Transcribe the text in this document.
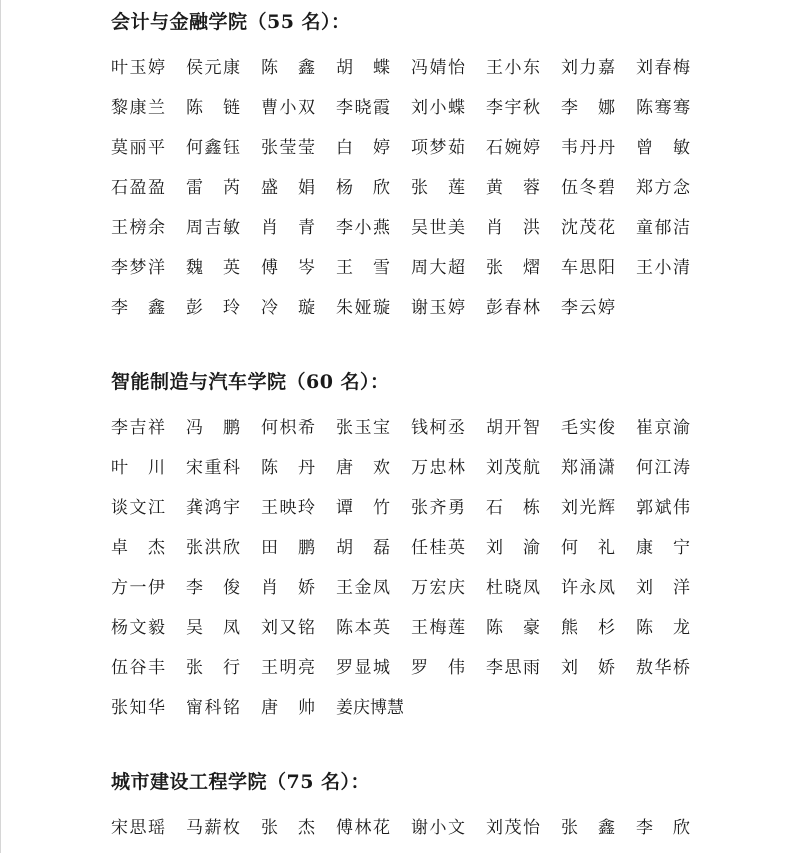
会计与金融学院（55 名）：
叶玉婷 侯元康 陈 鑫 胡 蝶 冯婧怡 王小东 刘力嘉 刘春梅
黎康兰 陈 链 曹小双 李晓霞 刘小蝶 李宇秋 李 娜 陈骞骞
莫丽平 何鑫钰 张莹莹 白 婷 项梦茹 石婉婷 韦丹丹 曾 敏
石盈盈 雷 芮 盛 娟 杨 欣 张 莲 黄 蓉 伍冬碧 郑方念
王榜余 周吉敏 肖 青 李小燕 吴世美 肖 洪 沈茂花 童郁洁
李梦洋 魏 英 傅 岑 王 雪 周大超 张 熠 车思阳 王小清
李 鑫 彭 玲 冷 璇 朱娅璇 谢玉婷 彭春林 李云婷
智能制造与汽车学院（60 名）：
李吉祥 冯 鹏 何枳希 张玉宝 钱柯丞 胡开智 毛实俊 崔京渝
叶 川 宋重科 陈 丹 唐 欢 万忠林 刘茂航 郑涌潇 何江涛
谈文江 龚鸿宇 王映玲 谭 竹 张齐勇 石 栋 刘光辉 郭斌伟
卓 杰 张洪欣 田 鹏 胡 磊 任桂英 刘 渝 何 礼 康 宁
方一伊 李 俊 肖 娇 王金凤 万宏庆 杜晓凤 许永凤 刘 洋
杨文毅 吴 凤 刘又铭 陈本英 王梅莲 陈 豪 熊 杉 陈 龙
伍谷丰 张 行 王明亮 罗显城 罗 伟 李思雨 刘 娇 敖华桥
张知华 甯科铭 唐 帅 姜庆博慧
城市建设工程学院（75 名）：
宋思瑶 马薪枚 张 杰 傅林花 谢小文 刘茂怡 张 鑫 李 欣
